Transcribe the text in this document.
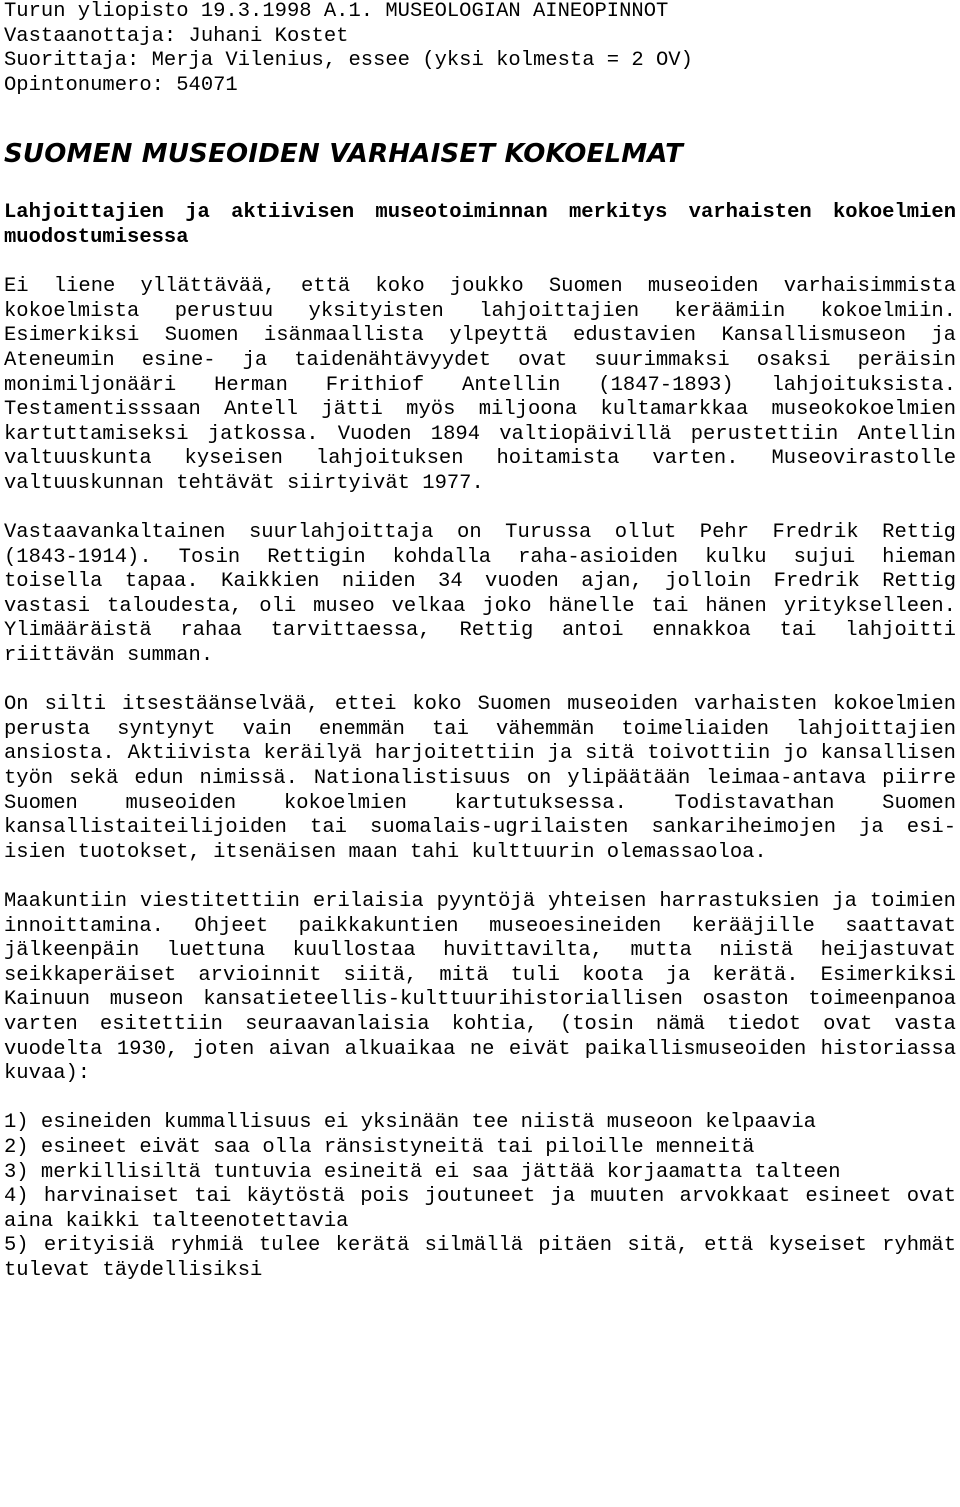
Turun yliopisto 19.3.1998 A.1. MUSEOLOGIAN AINEOPINNOT

Vastaanottaja: Juhani Kostet

Suorittaja: Merja Vilenius, essee (yksi kolmesta = 2 OV)

Opintonumero: 54071

SUOMEN MUSEOIDEN VARHAISET KOKOELMAT

Lahjoittajien ja aktiivisen museotoiminnan merkitys varhaisten kokoelmien muodostumisessa

Ei liene yllättävää, että koko joukko Suomen museoiden varhaisimmista kokoelmista perustuu yksityisten lahjoittajien keräämiin kokoelmiin. Esimerkiksi Suomen isänmaallista ylpeyttä edustavien Kansallismuseon ja Ateneumin esine- ja taidenähtävyydet ovat suurimmaksi osaksi peräisin monimiljonääri Herman Frithiof Antellin (1847-1893) lahjoituksista. Testamentisssaan Antell jätti myös miljoona kultamarkkaa museokokoelmien kartuttamiseksi jatkossa. Vuoden 1894 valtiopäivillä perustettiin Antellin valtuuskunta kyseisen lahjoituksen hoitamista varten. Museovirastolle valtuuskunnan tehtävät siirtyivät 1977.

Vastaavankaltainen suurlahjoittaja on Turussa ollut Pehr Fredrik Rettig (1843-1914). Tosin Rettigin kohdalla raha-asioiden kulku sujui hieman toisella tapaa. Kaikkien niiden 34 vuoden ajan, jolloin Fredrik Rettig vastasi taloudesta, oli museo velkaa joko hänelle tai hänen yritykselleen. Ylimääräistä rahaa tarvittaessa, Rettig antoi ennakkoa tai lahjoitti riittävän summan.

On silti itsestäänselvää, ettei koko Suomen museoiden varhaisten kokoelmien perusta syntynyt vain enemmän tai vähemmän toimeliaiden lahjoittajien ansiosta. Aktiivista keräilyä harjoitettiin ja sitä toivottiin jo kansallisen työn sekä edun nimissä. Nationalistisuus on ylipäätään leimaa-antava piirre Suomen museoiden kokoelmien kartutuksessa. Todistavathan Suomen kansallistaiteilijoiden tai suomalais-ugrilaisten sankariheimojen ja esi-isien tuotokset, itsenäisen maan tahi kulttuurin olemassaoloa.

Maakuntiin viestitettiin erilaisia pyyntöjä yhteisen harrastuksien ja toimien innoittamina. Ohjeet paikkakuntien museoesineiden kerääjille saattavat jälkeenpäin luettuna kuullostaa huvittavilta, mutta niistä heijastuvat seikkaperäiset arvioinnit siitä, mitä tuli koota ja kerätä. Esimerkiksi Kainuun museon kansatieteellis-kulttuurihistoriallisen osaston toimeenpanoa varten esitettiin seuraavanlaisia kohtia, (tosin nämä tiedot ovat vasta vuodelta 1930, joten aivan alkuaikaa ne eivät paikallismuseoiden historiassa kuvaa):

1) esineiden kummallisuus ei yksinään tee niistä museoon kelpaavia
2) esineet eivät saa olla ränsistyneitä tai piloille menneitä
3) merkillisiltä tuntuvia esineitä ei saa jättää korjaamatta talteen
4) harvinaiset tai käytöstä pois joutuneet ja muuten arvokkaat esineet ovat aina kaikki talteenotettavia
5) erityisiä ryhmiä tulee kerätä silmällä pitäen sitä, että kyseiset ryhmät tulevat täydellisiksi
